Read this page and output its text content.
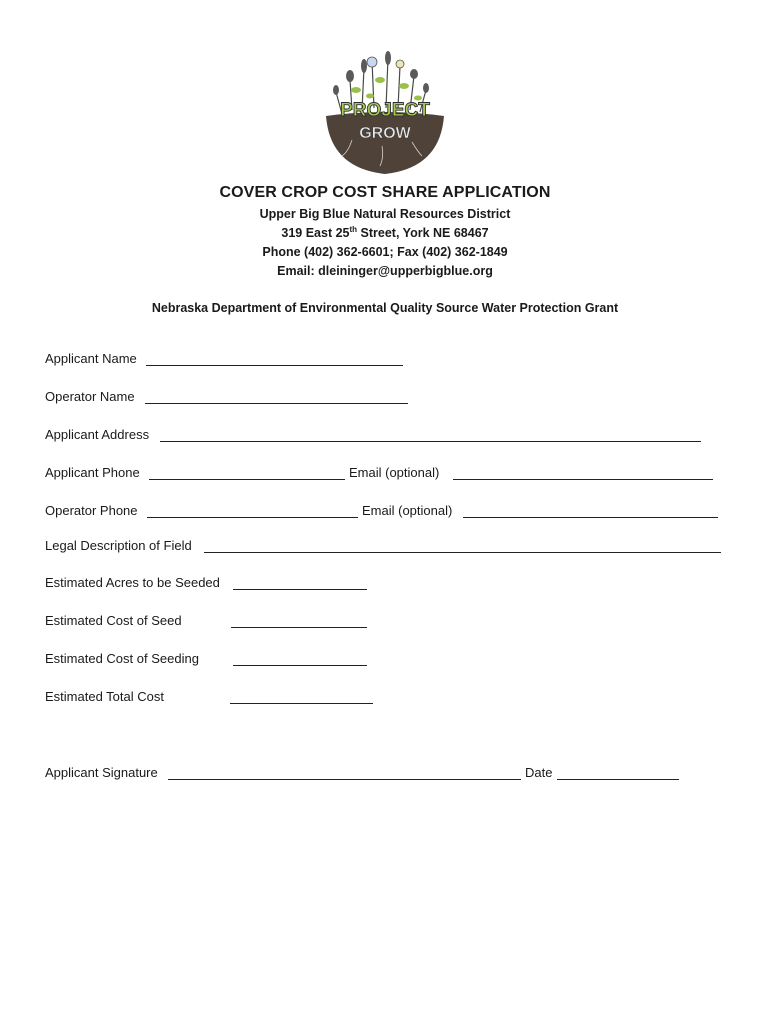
PROJECT
GROW
COVER CROP COST SHARE APPLICATION
Upper Big Blue Natural Resources District
319 East 25th Street, York NE 68467
Phone (402) 362-6601; Fax (402) 362-1849
Email: dleininger@upperbigblue.org
Nebraska Department of Environmental Quality Source Water Protection Grant
Applicant Name
Operator Name
Applicant Address
Applicant Phone	Email (optional)
Operator Phone	Email (optional)
Legal Description of Field
Estimated Acres to be Seeded
Estimated Cost of Seed
Estimated Cost of Seeding
Estimated Total Cost
Applicant Signature	Date
